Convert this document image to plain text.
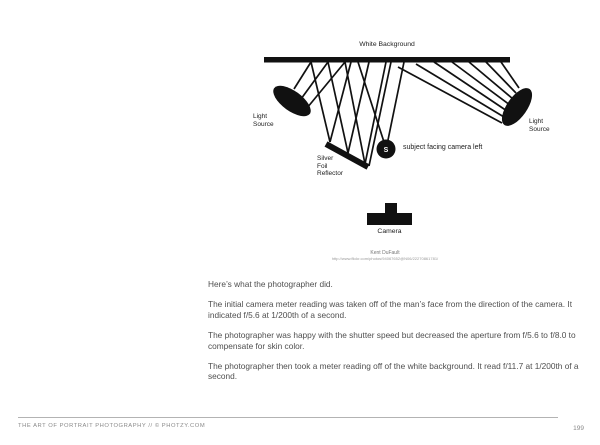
S
White Background
Light
Source	Light
Source
Silver
Foil
Reflector
subject facing camera left
Camera
Kent DuFault
http://www.flickr.com/photos/94067652@N06/22270861781/

Here’s what the photographer did.

The initial camera meter reading was taken off of the man’s face from the direction of the camera. It indicated f/5.6 at 1/200th of a second.

The photographer was happy with the shutter speed but decreased the aperture from f/5.6 to f/8.0 to compensate for skin color.

The photographer then took a meter reading off of the white background. It read f/11.7 at 1/200th of a second.

THE ART OF PORTRAIT PHOTOGRAPHY // © PHOTZY.COM	199
